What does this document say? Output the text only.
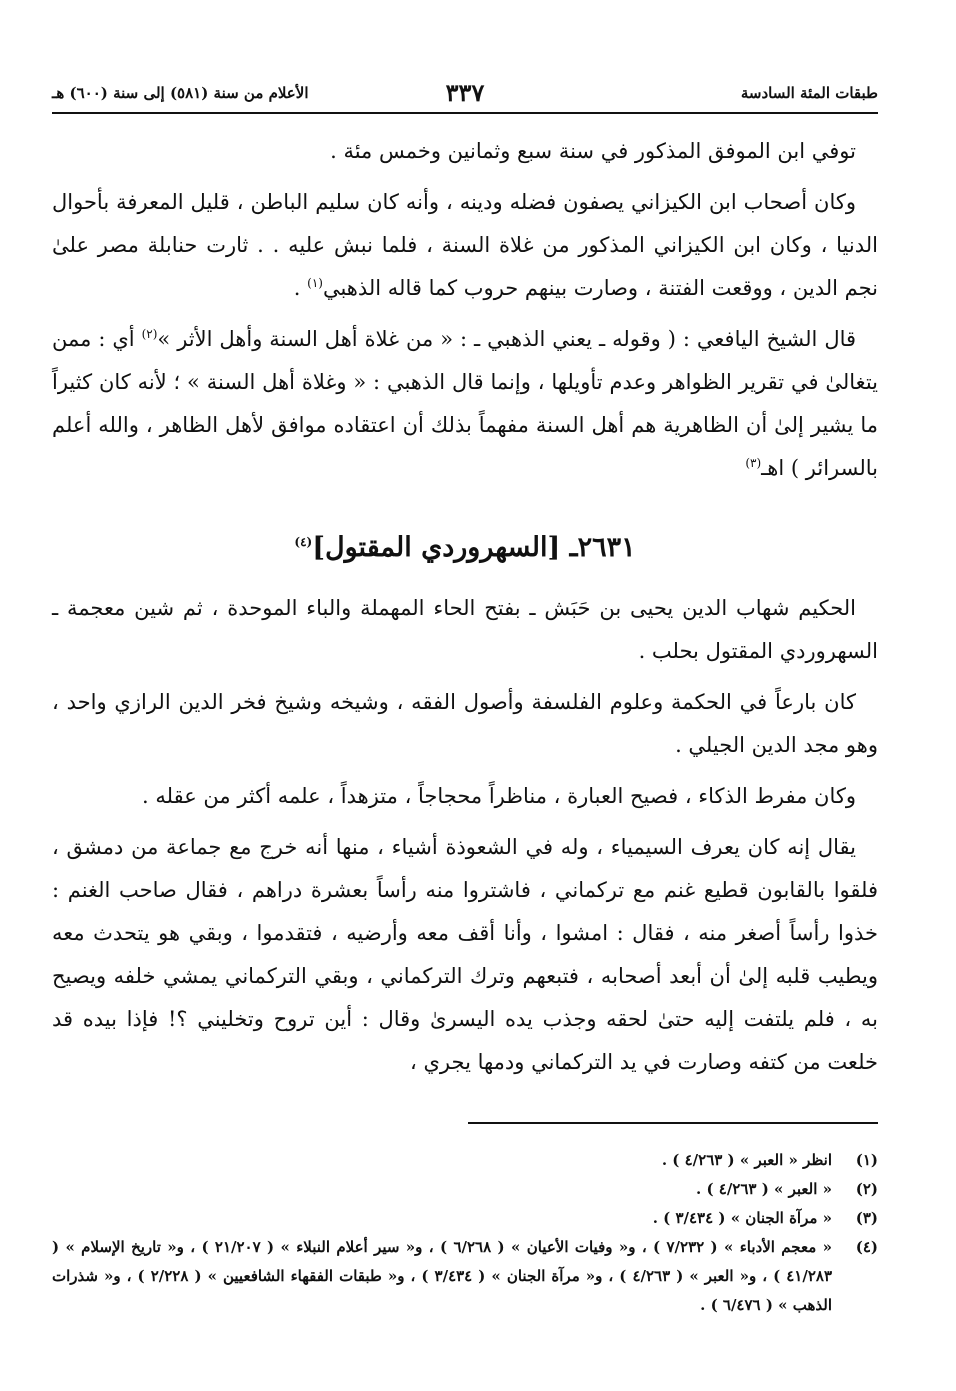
طبقات المئة السادسة
٣٣٧
الأعلام من سنة (٥٨١) إلى سنة (٦٠٠) هـ

توفي ابن الموفق المذكور في سنة سبع وثمانين وخمس مئة .

وكان أصحاب ابن الكيزاني يصفون فضله ودينه ، وأنه كان سليم الباطن ، قليل المعرفة بأحوال الدنيا ، وكان ابن الكيزاني المذكور من غلاة السنة ، فلما نبش عليه . . ثارت حنابلة مصر علىٰ نجم الدين ، ووقعت الفتنة ، وصارت بينهم حروب كما قاله الذهبي$^{(١)}$ .

قال الشيخ اليافعي : ( وقوله ـ يعني الذهبي ـ : « من غلاة أهل السنة وأهل الأثر »$^{(٢)}$ أي : ممن يتغالىٰ في تقرير الظواهر وعدم تأويلها ، وإنما قال الذهبي : « وغلاة أهل السنة » ؛ لأنه كان كثيراً ما يشير إلىٰ أن الظاهرية هم أهل السنة مفهماً بذلك أن اعتقاده موافق لأهل الظاهر ، والله أعلم بالسرائر ) اهـ$^{(٣)}$

٢٦٣١ـ [السهروردي المقتول]$^{(٤)}$

الحكيم شهاب الدين يحيى بن حَبَش ـ بفتح الحاء المهملة والباء الموحدة ، ثم شين معجمة ـ السهروردي المقتول بحلب .

كان بارعاً في الحكمة وعلوم الفلسفة وأصول الفقه ، وشيخه وشيخ فخر الدين الرازي واحد ، وهو مجد الدين الجيلي .

وكان مفرط الذكاء ، فصيح العبارة ، مناظراً محجاجاً ، متزهداً ، علمه أكثر من عقله .

يقال إنه كان يعرف السيمياء ، وله في الشعوذة أشياء ، منها أنه خرج مع جماعة من دمشق ، فلقوا بالقابون قطيع غنم مع تركماني ، فاشتروا منه رأساً بعشرة دراهم ، فقال صاحب الغنم : خذوا رأساً أصغر منه ، فقال : امشوا ، وأنا أقف معه وأرضيه ، فتقدموا ، وبقي هو يتحدث معه ويطيب قلبه إلىٰ أن أبعد أصحابه ، فتبعهم وترك التركماني ، وبقي التركماني يمشي خلفه ويصيح به ، فلم يلتفت إليه حتىٰ لحقه وجذب يده اليسرىٰ وقال : أين تروح وتخليني ؟! فإذا بيده قد خلعت من كتفه وصارت في يد التركماني ودمها يجري ،

(١)
انظر « العبر » ( ٤/٢٦٣ ) .
(٢)
« العبر » ( ٤/٢٦٣ ) .
(٣)
« مرآة الجنان » ( ٣/٤٣٤ ) .
(٤)
« معجم الأدباء » ( ٧/٢٣٢ ) ، و« وفيات الأعيان » ( ٦/٢٦٨ ) ، و« سير أعلام النبلاء » ( ٢١/٢٠٧ ) ، و« تاريخ الإسلام » ( ٤١/٢٨٣ ) ، و« العبر » ( ٤/٢٦٣ ) ، و« مرآة الجنان » ( ٣/٤٣٤ ) ، و« طبقات الفقهاء الشافعيين » ( ٢/٢٢٨ ) ، و« شذرات الذهب » ( ٦/٤٧٦ ) .
